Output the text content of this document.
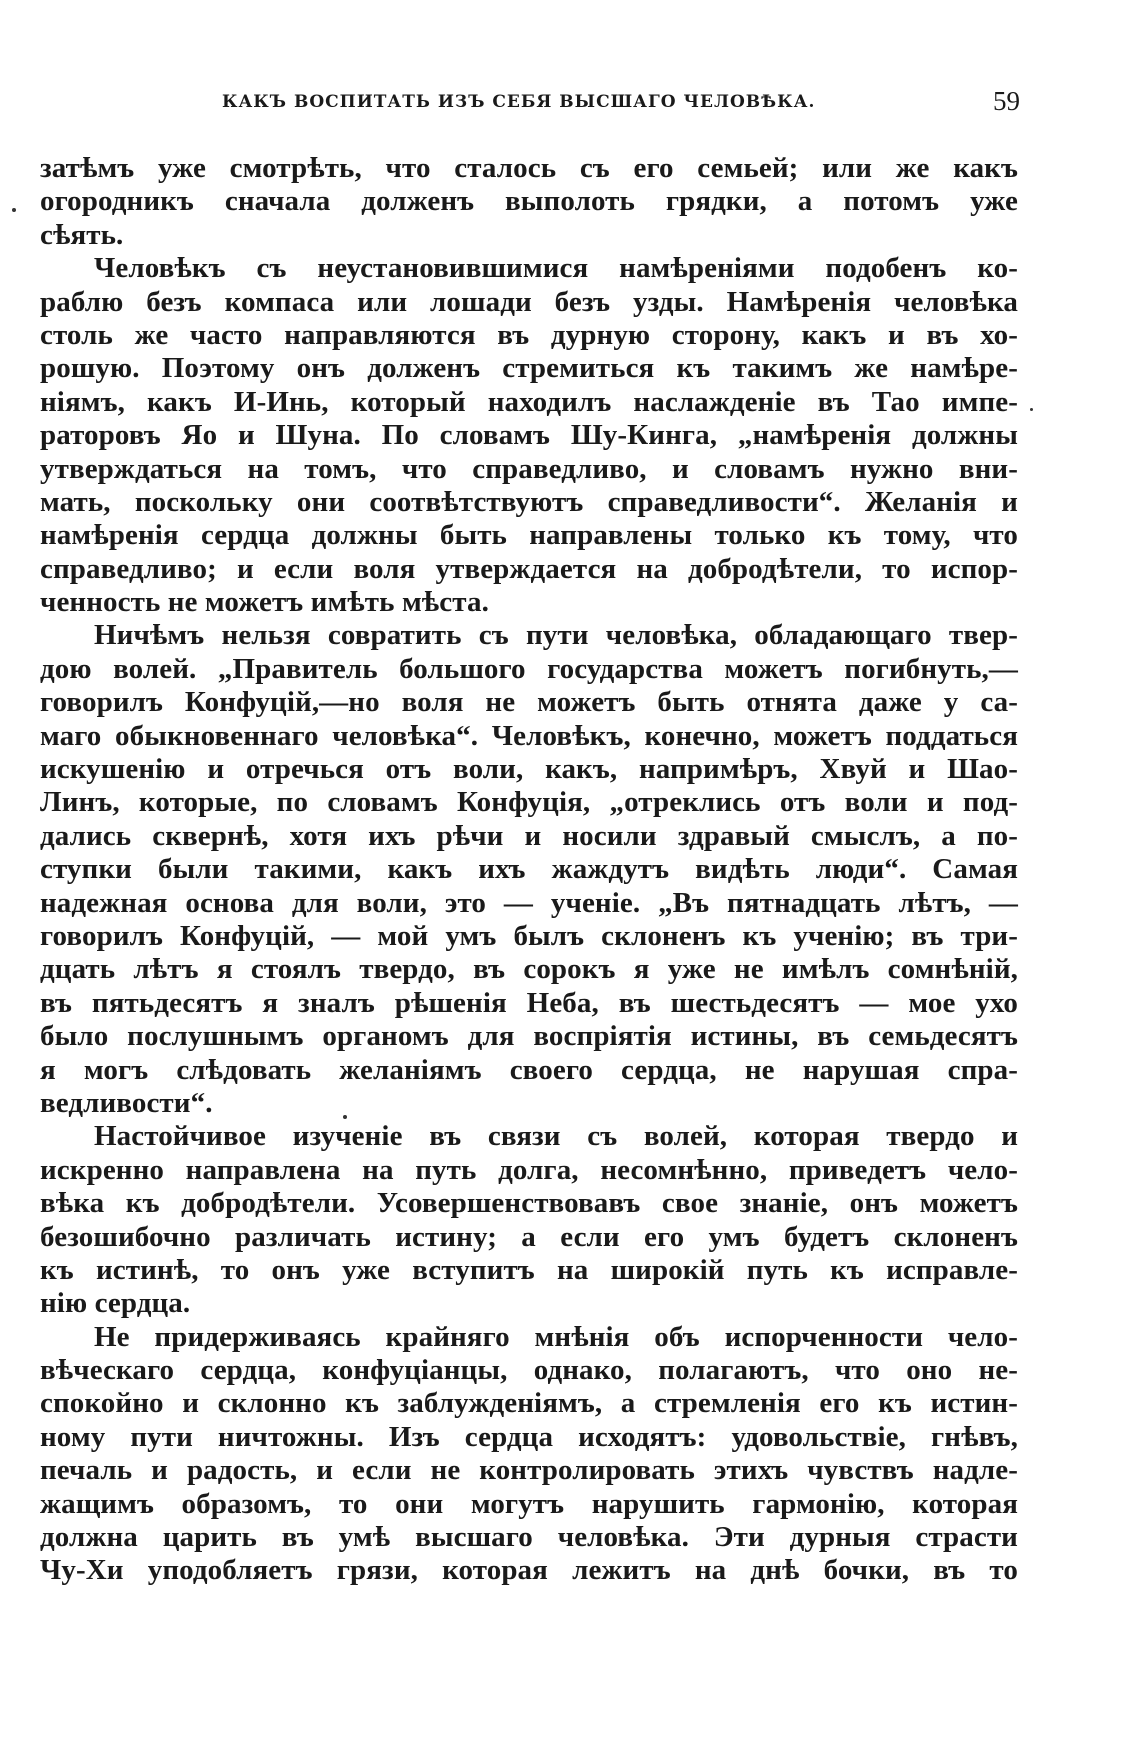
КАКЪ ВОСПИТАТЬ ИЗЪ СЕБЯ ВЫСШАГО ЧЕЛОВѢКА.	59
затѣмъ уже смотрѣть, что сталось съ его семьей; или же какъ
огородникъ сначала долженъ выполоть грядки, а потомъ уже
сѣять.
Человѣкъ съ неустановившимися намѣреніями подобенъ ко-
раблю безъ компаса или лошади безъ узды. Намѣренія человѣка
столь же часто направляются въ дурную сторону, какъ и въ хо-
рошую. Поэтому онъ долженъ стремиться къ такимъ же намѣре-
ніямъ, какъ И-Инь, который находилъ наслажденіе въ Тао импе-
раторовъ Яо и Шуна. По словамъ Шу-Кинга, „намѣренія должны
утверждаться на томъ, что справедливо, и словамъ нужно вни-
мать, поскольку они соотвѣтствуютъ справедливости“. Желанія и
намѣренія сердца должны быть направлены только къ тому, что
справедливо; и если воля утверждается на добродѣтели, то испор-
ченность не можетъ имѣть мѣста.
Ничѣмъ нельзя совратить съ пути человѣка, обладающаго твер-
дою волей. „Правитель большого государства можетъ погибнуть,—
говорилъ Конфуцій,—но воля не можетъ быть отнята даже у са-
маго обыкновеннаго человѣка“. Человѣкъ, конечно, можетъ поддаться
искушенію и отречься отъ воли, какъ, напримѣръ, Хвуй и Шао-
Линъ, которые, по словамъ Конфуція, „отреклись отъ воли и под-
дались сквернѣ, хотя ихъ рѣчи и носили здравый смыслъ, а по-
ступки были такими, какъ ихъ жаждутъ видѣть люди“. Самая
надежная основа для воли, это — ученіе. „Въ пятнадцать лѣтъ, —
говорилъ Конфуцій, — мой умъ былъ склоненъ къ ученію; въ три-
дцать лѣтъ я стоялъ твердо, въ сорокъ я уже не имѣлъ сомнѣній,
въ пятьдесятъ я зналъ рѣшенія Неба, въ шестьдесятъ — мое ухо
было послушнымъ органомъ для воспріятія истины, въ семьдесятъ
я могъ слѣдовать желаніямъ своего сердца, не нарушая спра-
ведливости“.
Настойчивое изученіе въ связи съ волей, которая твердо и
искренно направлена на путь долга, несомнѣнно, приведетъ чело-
вѣка къ добродѣтели. Усовершенствовавъ свое знаніе, онъ можетъ
безошибочно различать истину; а если его умъ будетъ склоненъ
къ истинѣ, то онъ уже вступитъ на широкій путь къ исправле-
нію сердца.
Не придерживаясь крайняго мнѣнія объ испорченности чело-
вѣческаго сердца, конфуціанцы, однако, полагаютъ, что оно не-
спокойно и склонно къ заблужденіямъ, а стремленія его къ истин-
ному пути ничтожны. Изъ сердца исходятъ: удовольствіе, гнѣвъ,
печаль и радость, и если не контролировать этихъ чувствъ надле-
жащимъ образомъ, то они могутъ нарушить гармонію, которая
должна царить въ умѣ высшаго человѣка. Эти дурныя страсти
Чу-Хи уподобляетъ грязи, которая лежитъ на днѣ бочки, въ то
